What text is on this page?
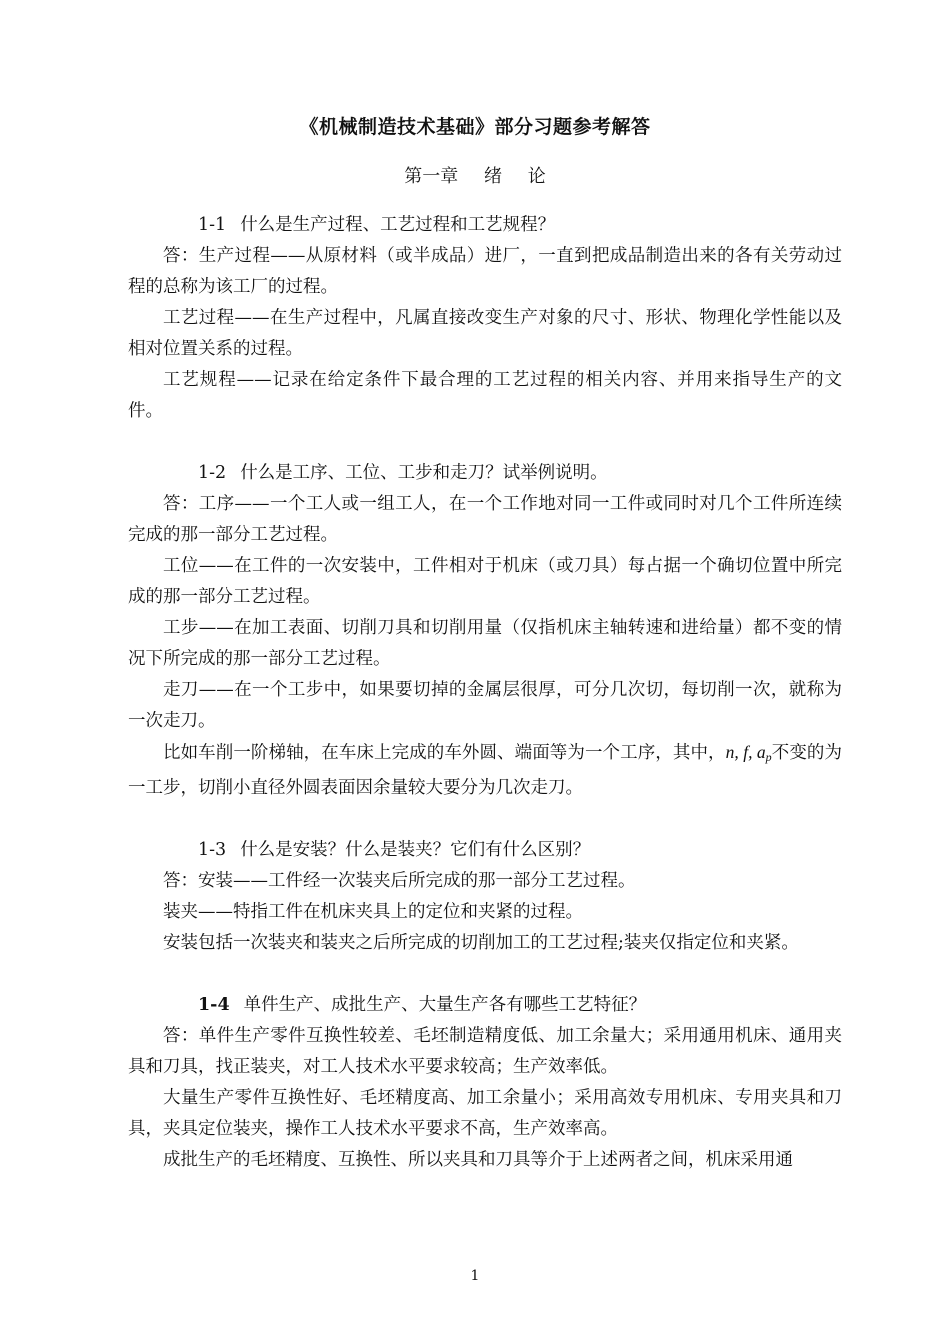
《机械制造技术基础》部分习题参考解答
第一章 绪 论

1-1 什么是生产过程、工艺过程和工艺规程？

答：生产过程——从原材料（或半成品）进厂，一直到把成品制造出来的各有关劳动过程的总称为该工厂的过程。

工艺过程——在生产过程中，凡属直接改变生产对象的尺寸、形状、物理化学性能以及相对位置关系的过程。

工艺规程——记录在给定条件下最合理的工艺过程的相关内容、并用来指导生产的文件。

1-2 什么是工序、工位、工步和走刀？试举例说明。

答：工序——一个工人或一组工人，在一个工作地对同一工件或同时对几个工件所连续完成的那一部分工艺过程。

工位——在工件的一次安装中，工件相对于机床（或刀具）每占据一个确切位置中所完成的那一部分工艺过程。

工步——在加工表面、切削刀具和切削用量（仅指机床主轴转速和进给量）都不变的情况下所完成的那一部分工艺过程。

走刀——在一个工步中，如果要切掉的金属层很厚，可分几次切，每切削一次，就称为一次走刀。

比如车削一阶梯轴，在车床上完成的车外圆、端面等为一个工序，其中，n, f, $a_p$不变的为一工步，切削小直径外圆表面因余量较大要分为几次走刀。

1-3 什么是安装？什么是装夹？它们有什么区别？

答：安装——工件经一次装夹后所完成的那一部分工艺过程。

装夹——特指工件在机床夹具上的定位和夹紧的过程。

安装包括一次装夹和装夹之后所完成的切削加工的工艺过程;装夹仅指定位和夹紧。

1-4 单件生产、成批生产、大量生产各有哪些工艺特征？

答：单件生产零件互换性较差、毛坯制造精度低、加工余量大；采用通用机床、通用夹具和刀具，找正装夹，对工人技术水平要求较高；生产效率低。

大量生产零件互换性好、毛坯精度高、加工余量小；采用高效专用机床、专用夹具和刀具，夹具定位装夹，操作工人技术水平要求不高，生产效率高。

成批生产的毛坯精度、互换性、所以夹具和刀具等介于上述两者之间，机床采用通

1
